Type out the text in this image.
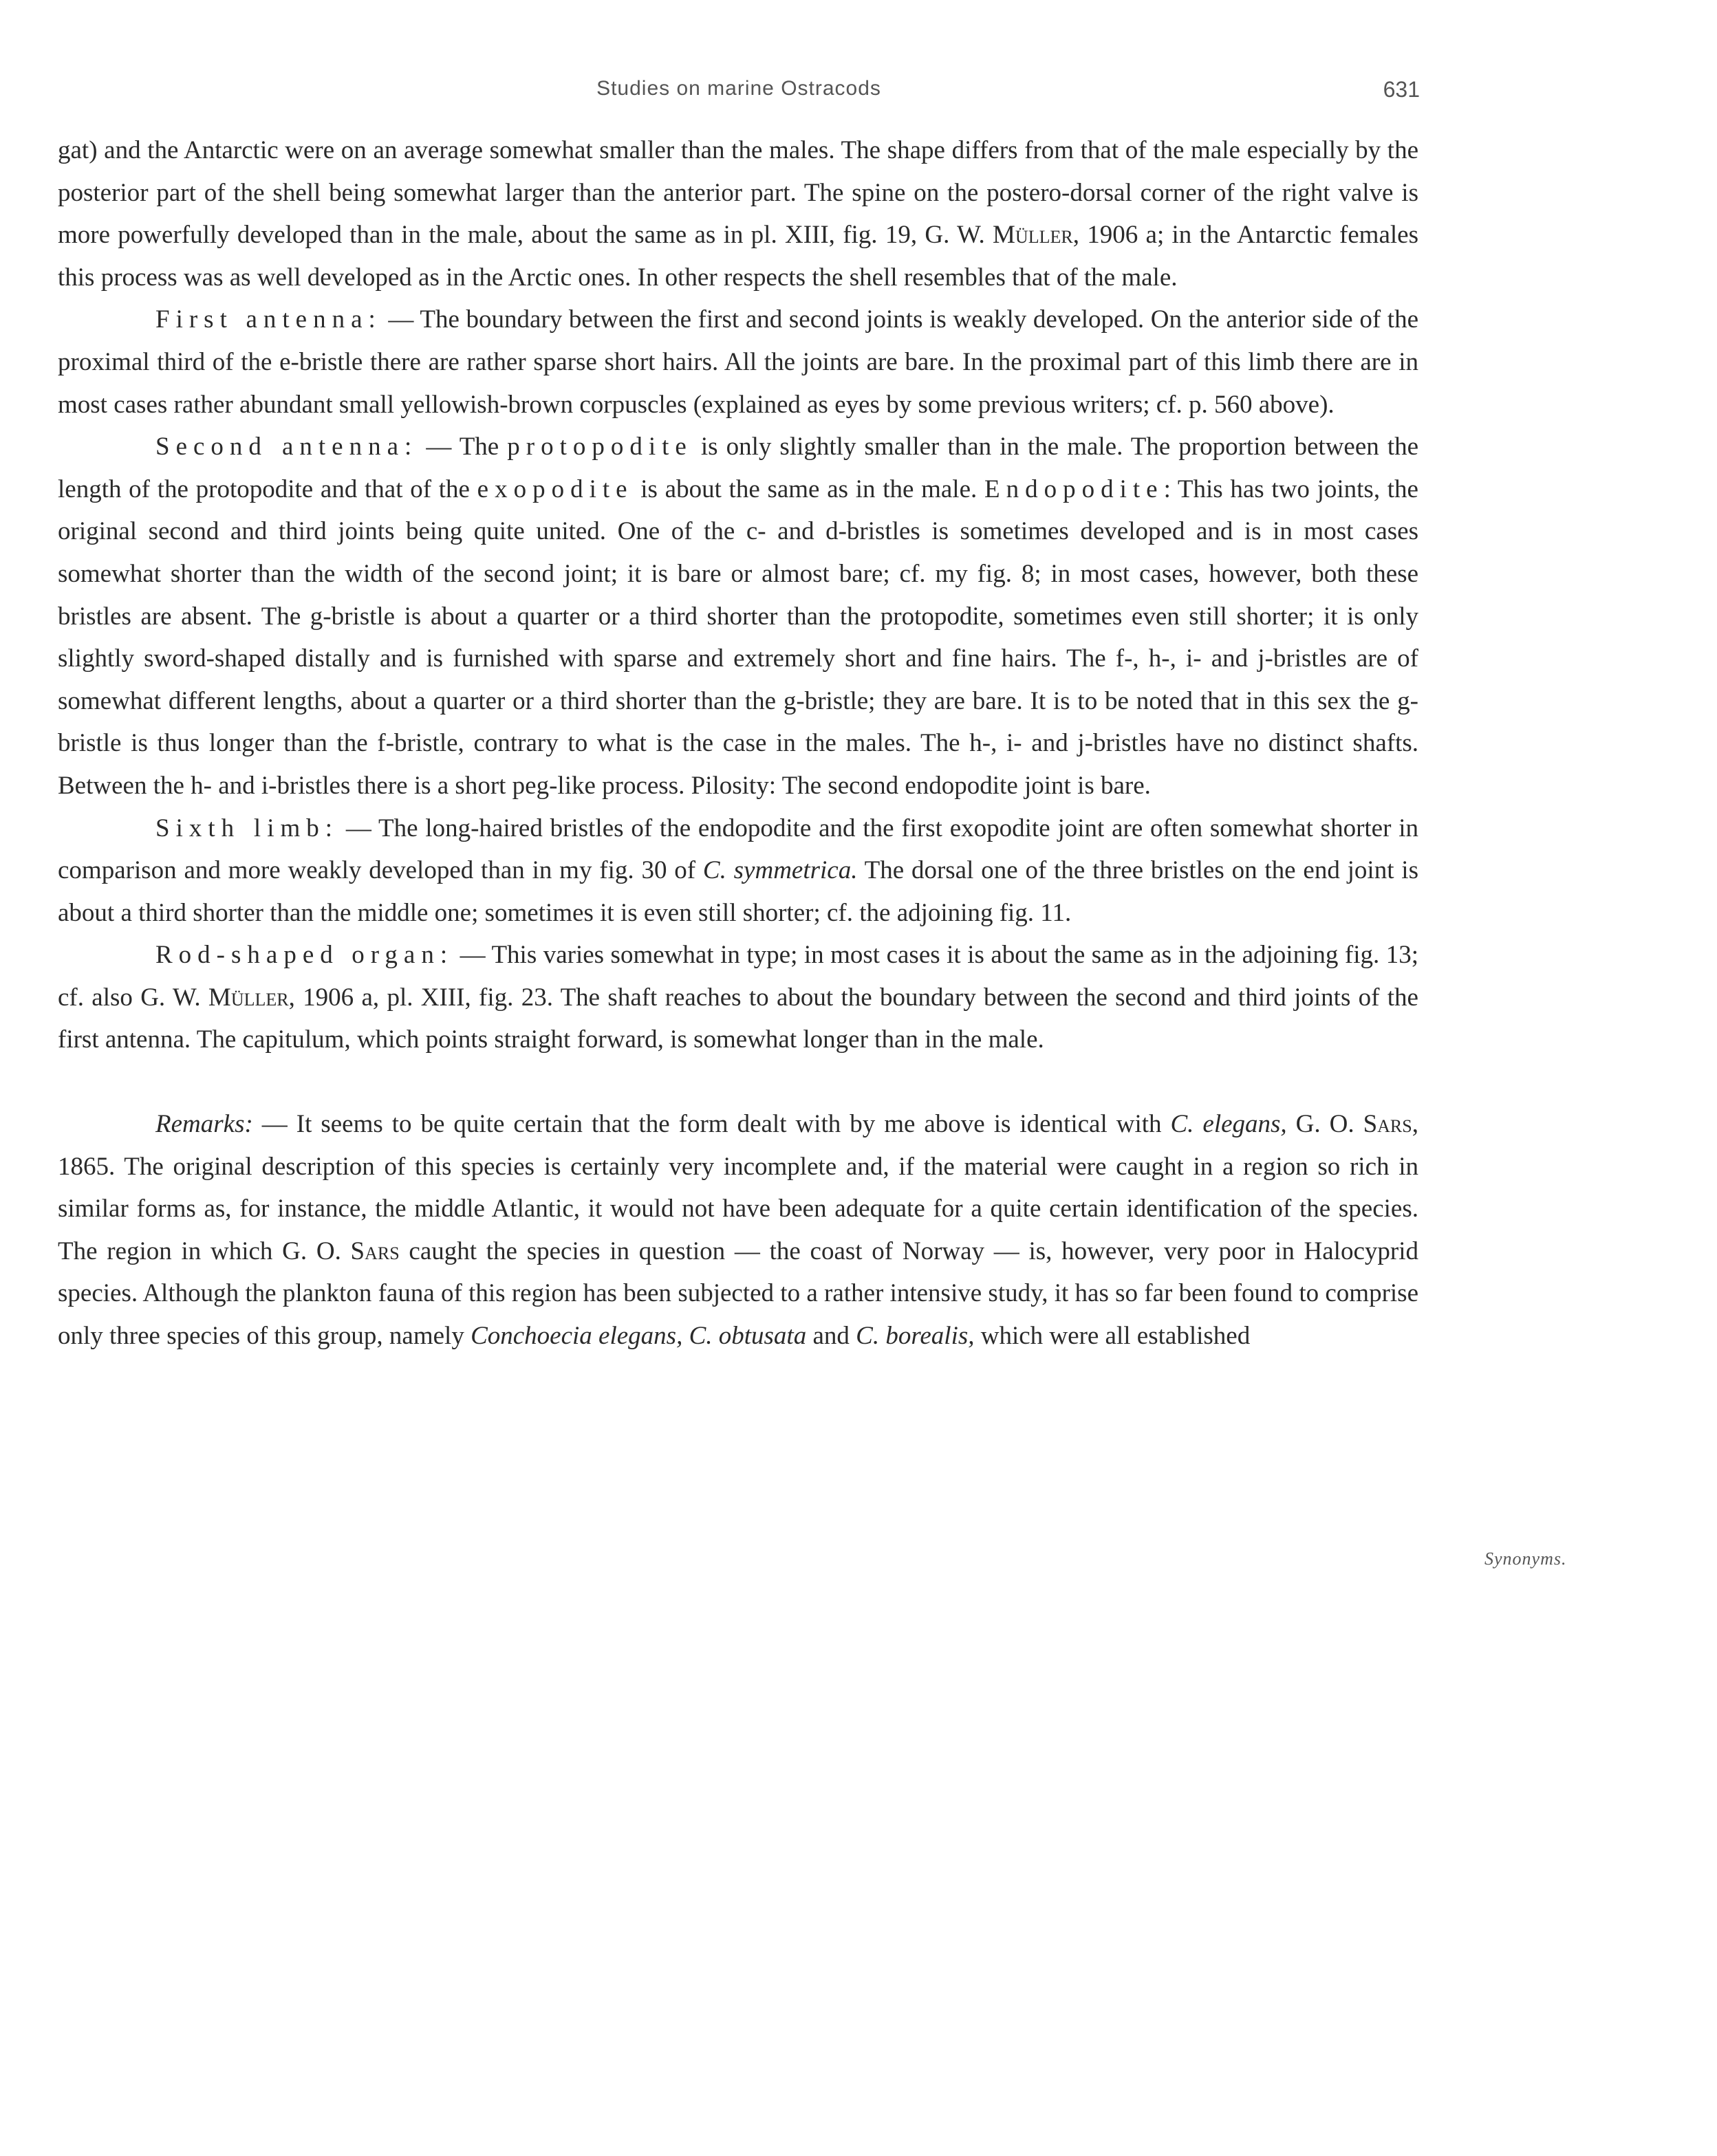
Studies on marine Ostracods	631

gat) and the Antarctic were on an average somewhat smaller than the males. The shape differs from that of the male especially by the posterior part of the shell being somewhat larger than the anterior part. The spine on the postero-dorsal corner of the right valve is more powerfully developed than in the male, about the same as in pl. XIII, fig. 19, G. W. Müller, 1906 a; in the Antarctic females this process was as well developed as in the Arctic ones. In other respects the shell resembles that of the male.

First antenna: — The boundary between the first and second joints is weakly developed. On the anterior side of the proximal third of the e-bristle there are rather sparse short hairs. All the joints are bare. In the proximal part of this limb there are in most cases rather abundant small yellowish-brown corpuscles (explained as eyes by some previous writers; cf. p. 560 above).

Second antenna: — The protopodite is only slightly smaller than in the male. The proportion between the length of the protopodite and that of the exopodite is about the same as in the male. Endopodite: This has two joints, the original second and third joints being quite united. One of the c- and d-bristles is sometimes developed and is in most cases somewhat shorter than the width of the second joint; it is bare or almost bare; cf. my fig. 8; in most cases, however, both these bristles are absent. The g-bristle is about a quarter or a third shorter than the protopodite, sometimes even still shorter; it is only slightly sword-shaped distally and is furnished with sparse and extremely short and fine hairs. The f-, h-, i- and j-bristles are of somewhat different lengths, about a quarter or a third shorter than the g-bristle; they are bare. It is to be noted that in this sex the g-bristle is thus longer than the f-bristle, contrary to what is the case in the males. The h-, i- and j-bristles have no distinct shafts. Between the h- and i-bristles there is a short peg-like process. Pilosity: The second endopodite joint is bare.

Sixth limb: — The long-haired bristles of the endopodite and the first exopodite joint are often somewhat shorter in comparison and more weakly developed than in my fig. 30 of C. symmetrica. The dorsal one of the three bristles on the end joint is about a third shorter than the middle one; sometimes it is even still shorter; cf. the adjoining fig. 11.

Rod-shaped organ: — This varies somewhat in type; in most cases it is about the same as in the adjoining fig. 13; cf. also G. W. Müller, 1906 a, pl. XIII, fig. 23. The shaft reaches to about the boundary between the second and third joints of the first antenna. The capitulum, which points straight forward, is somewhat longer than in the male.

Remarks: — It seems to be quite certain that the form dealt with by me above is identical with C. elegans, G. O. Sars, 1865. The original description of this species is certainly very incomplete and, if the material were caught in a region so rich in similar forms as, for instance, the middle Atlantic, it would not have been adequate for a quite certain identification of the species. The region in which G. O. Sars caught the species in question — the coast of Norway — is, however, very poor in Halocyprid species. Although the plankton fauna of this region has been subjected to a rather intensive study, it has so far been found to comprise only three species of this group, namely Conchoecia elegans, C. obtusata and C. borealis, which were all established

Synonyms.
